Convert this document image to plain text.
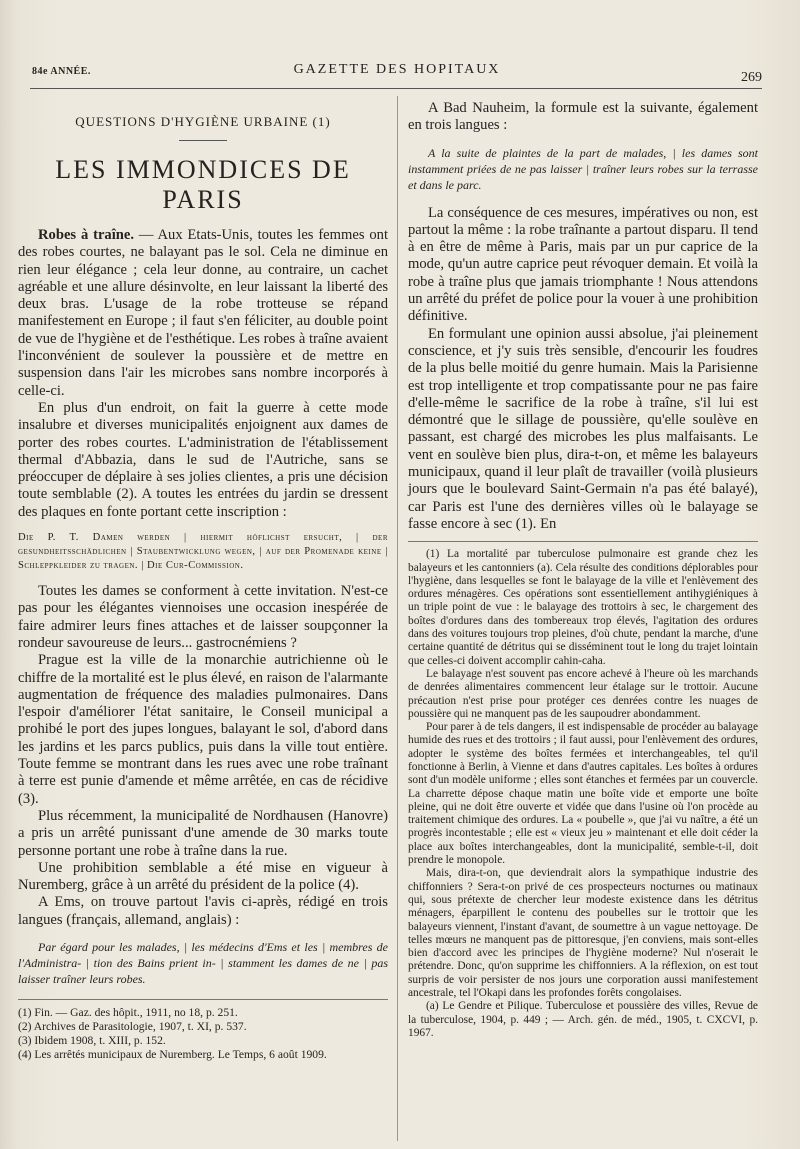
84e ANNÉE.	GAZETTE DES HOPITAUX
269
QUESTIONS D'HYGIÈNE URBAINE (1)
LES IMMONDICES DE PARIS

Robes à traîne. — Aux Etats-Unis, toutes les femmes ont des robes courtes, ne balayant pas le sol. Cela ne diminue en rien leur élégance ; cela leur donne, au contraire, un cachet agréable et une allure désinvolte, en leur laissant la liberté des deux bras. L'usage de la robe trotteuse se répand manifestement en Europe ; il faut s'en féliciter, au double point de vue de l'hygiène et de l'esthétique. Les robes à traîne avaient l'inconvénient de soulever la poussière et de mettre en suspension dans l'air les microbes sans nombre incorporés à celle-ci.

En plus d'un endroit, on fait la guerre à cette mode insalubre et diverses municipalités enjoignent aux dames de porter des robes courtes. L'administration de l'établissement thermal d'Abbazia, dans le sud de l'Autriche, sans se préoccuper de déplaire à ses jolies clientes, a pris une décision toute semblable (2). A toutes les entrées du jardin se dressent des plaques en fonte portant cette inscription :

Die P. T. Damen werden | hiermit höflichst ersucht, | der gesundheitsschädlichen | Staubentwicklung wegen, | auf der Promenade keine | Schleppkleider zu tragen. | Die Cur-Commission.

Toutes les dames se conforment à cette invitation. N'est-ce pas pour les élégantes viennoises une occasion inespérée de faire admirer leurs fines attaches et de laisser soupçonner la rondeur savoureuse de leurs... gastrocnémiens ?

Prague est la ville de la monarchie autrichienne où le chiffre de la mortalité est le plus élevé, en raison de l'alarmante augmentation de fréquence des maladies pulmonaires. Dans l'espoir d'améliorer l'état sanitaire, le Conseil municipal a prohibé le port des jupes longues, balayant le sol, d'abord dans les jardins et les parcs publics, puis dans la ville tout entière. Toute femme se montrant dans les rues avec une robe traînant à terre est punie d'amende et même arrêtée, en cas de récidive (3).

Plus récemment, la municipalité de Nordhausen (Hanovre) a pris un arrêté punissant d'une amende de 30 marks toute personne portant une robe à traîne dans la rue.

Une prohibition semblable a été mise en vigueur à Nuremberg, grâce à un arrêté du président de la police (4).

A Ems, on trouve partout l'avis ci-après, rédigé en trois langues (français, allemand, anglais) :

Par égard pour les malades, | les médecins d'Ems et les | membres de l'Administra- | tion des Bains prient in- | stamment les dames de ne | pas laisser traîner leurs robes.

(1) Fin. — Gaz. des hôpit., 1911, no 18, p. 251.

(2) Archives de Parasitologie, 1907, t. XI, p. 537.

(3) Ibidem 1908, t. XIII, p. 152.

(4) Les arrêtés municipaux de Nuremberg. Le Temps, 6 août 1909.

A Bad Nauheim, la formule est la suivante, également en trois langues :

A la suite de plaintes de la part de malades, | les dames sont instamment priées de ne pas laisser | traîner leurs robes sur la terrasse et dans le parc.

La conséquence de ces mesures, impératives ou non, est partout la même : la robe traînante a partout disparu. Il tend à en être de même à Paris, mais par un pur caprice de la mode, qu'un autre caprice peut révoquer demain. Et voilà la robe à traîne plus que jamais triomphante ! Nous attendons un arrêté du préfet de police pour la vouer à une prohibition définitive.

En formulant une opinion aussi absolue, j'ai pleinement conscience, et j'y suis très sensible, d'encourir les foudres de la plus belle moitié du genre humain. Mais la Parisienne est trop intelligente et trop compatissante pour ne pas faire d'elle-même le sacrifice de la robe à traîne, s'il lui est démontré que le sillage de poussière, qu'elle soulève en passant, est chargé des microbes les plus malfaisants. Le vent en soulève bien plus, dira-t-on, et même les balayeurs municipaux, quand il leur plaît de travailler (voilà plusieurs jours que le boulevard Saint-Germain n'a pas été balayé), car Paris est l'une des dernières villes où le balayage se fasse encore à sec (1). En

(1) La mortalité par tuberculose pulmonaire est grande chez les balayeurs et les cantonniers (a). Cela résulte des conditions déplorables pour l'hygiène, dans lesquelles se font le balayage de la ville et l'enlèvement des ordures ménagères. Ces opérations sont essentiellement antihygiéniques à un triple point de vue : le balayage des trottoirs à sec, le chargement des boîtes d'ordures dans des tombereaux trop élevés, l'agitation des ordures dans des voitures toujours trop pleines, d'où chute, pendant la marche, d'une certaine quantité de détritus qui se disséminent tout le long du trajet lointain que celles-ci doivent accomplir cahin-caha.

Le balayage n'est souvent pas encore achevé à l'heure où les marchands de denrées alimentaires commencent leur étalage sur le trottoir. Aucune précaution n'est prise pour protéger ces denrées contre les nuages de poussière qui ne manquent pas de les saupoudrer abondamment.

Pour parer à de tels dangers, il est indispensable de procéder au balayage humide des rues et des trottoirs ; il faut aussi, pour l'enlèvement des ordures, adopter le système des boîtes fermées et interchangeables, tel qu'il fonctionne à Berlin, à Vienne et dans d'autres capitales. Les boîtes à ordures sont d'un modèle uniforme ; elles sont étanches et fermées par un couvercle. La charrette dépose chaque matin une boîte vide et emporte une boîte pleine, qui ne doit être ouverte et vidée que dans l'usine où l'on procède au traitement chimique des ordures. La « poubelle », que j'ai vu naître, a été un progrès incontestable ; elle est « vieux jeu » maintenant et elle doit céder la place aux boîtes interchangeables, dont la municipalité, semble-t-il, doit prendre le monopole.

Mais, dira-t-on, que deviendrait alors la sympathique industrie des chiffonniers ? Sera-t-on privé de ces prospecteurs nocturnes ou matinaux qui, sous prétexte de chercher leur modeste existence dans les détritus ménagers, éparpillent le contenu des poubelles sur le trottoir que les balayeurs viennent, l'instant d'avant, de soumettre à un vague nettoyage. De telles mœurs ne manquent pas de pittoresque, j'en conviens, mais sont-elles bien d'accord avec les principes de l'hygiène moderne? Nul n'oserait le prétendre. Donc, qu'on supprime les chiffonniers. A la réflexion, on est tout surpris de voir persister de nos jours une corporation aussi manifestement ancestrale, tel l'Okapi dans les profondes forêts congolaises.

(a) Le Gendre et Pilique. Tuberculose et poussière des villes, Revue de la tuberculose, 1904, p. 449 ; — Arch. gén. de méd., 1905, t. CXCVI, p. 1967.
